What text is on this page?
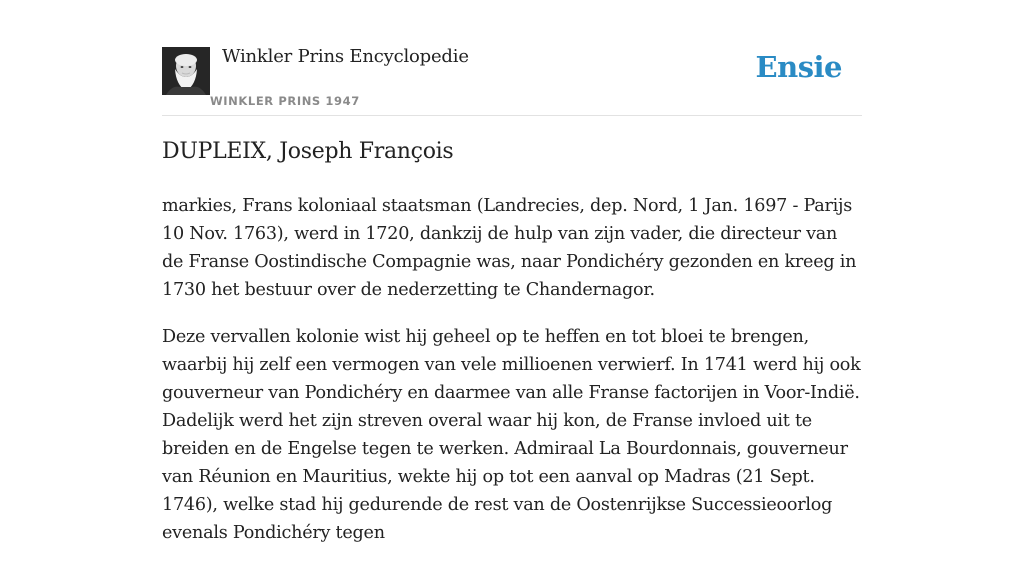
Winkler Prins Encyclopedie
WINKLER PRINS 1947
Ensie
DUPLEIX, Joseph François

markies, Frans koloniaal staatsman (Landrecies, dep. Nord, 1 Jan. 1697 - Parijs 10 Nov. 1763), werd in 1720, dankzij de hulp van zijn vader, die directeur van de Franse Oostindische Compagnie was, naar Pondichéry gezonden en kreeg in 1730 het bestuur over de nederzetting te Chandernagor.

Deze vervallen kolonie wist hij geheel op te heffen en tot bloei te brengen, waarbij hij zelf een vermogen van vele millioenen verwierf. In 1741 werd hij ook gouverneur van Pondichéry en daarmee van alle Franse factorijen in Voor-Indië. Dadelijk werd het zijn streven overal waar hij kon, de Franse invloed uit te breiden en de Engelse tegen te werken. Admiraal La Bourdonnais, gouverneur van Réunion en Mauritius, wekte hij op tot een aanval op Madras (21 Sept. 1746), welke stad hij gedurende de rest van de Oostenrijkse Successieoorlog evenals Pondichéry tegen
